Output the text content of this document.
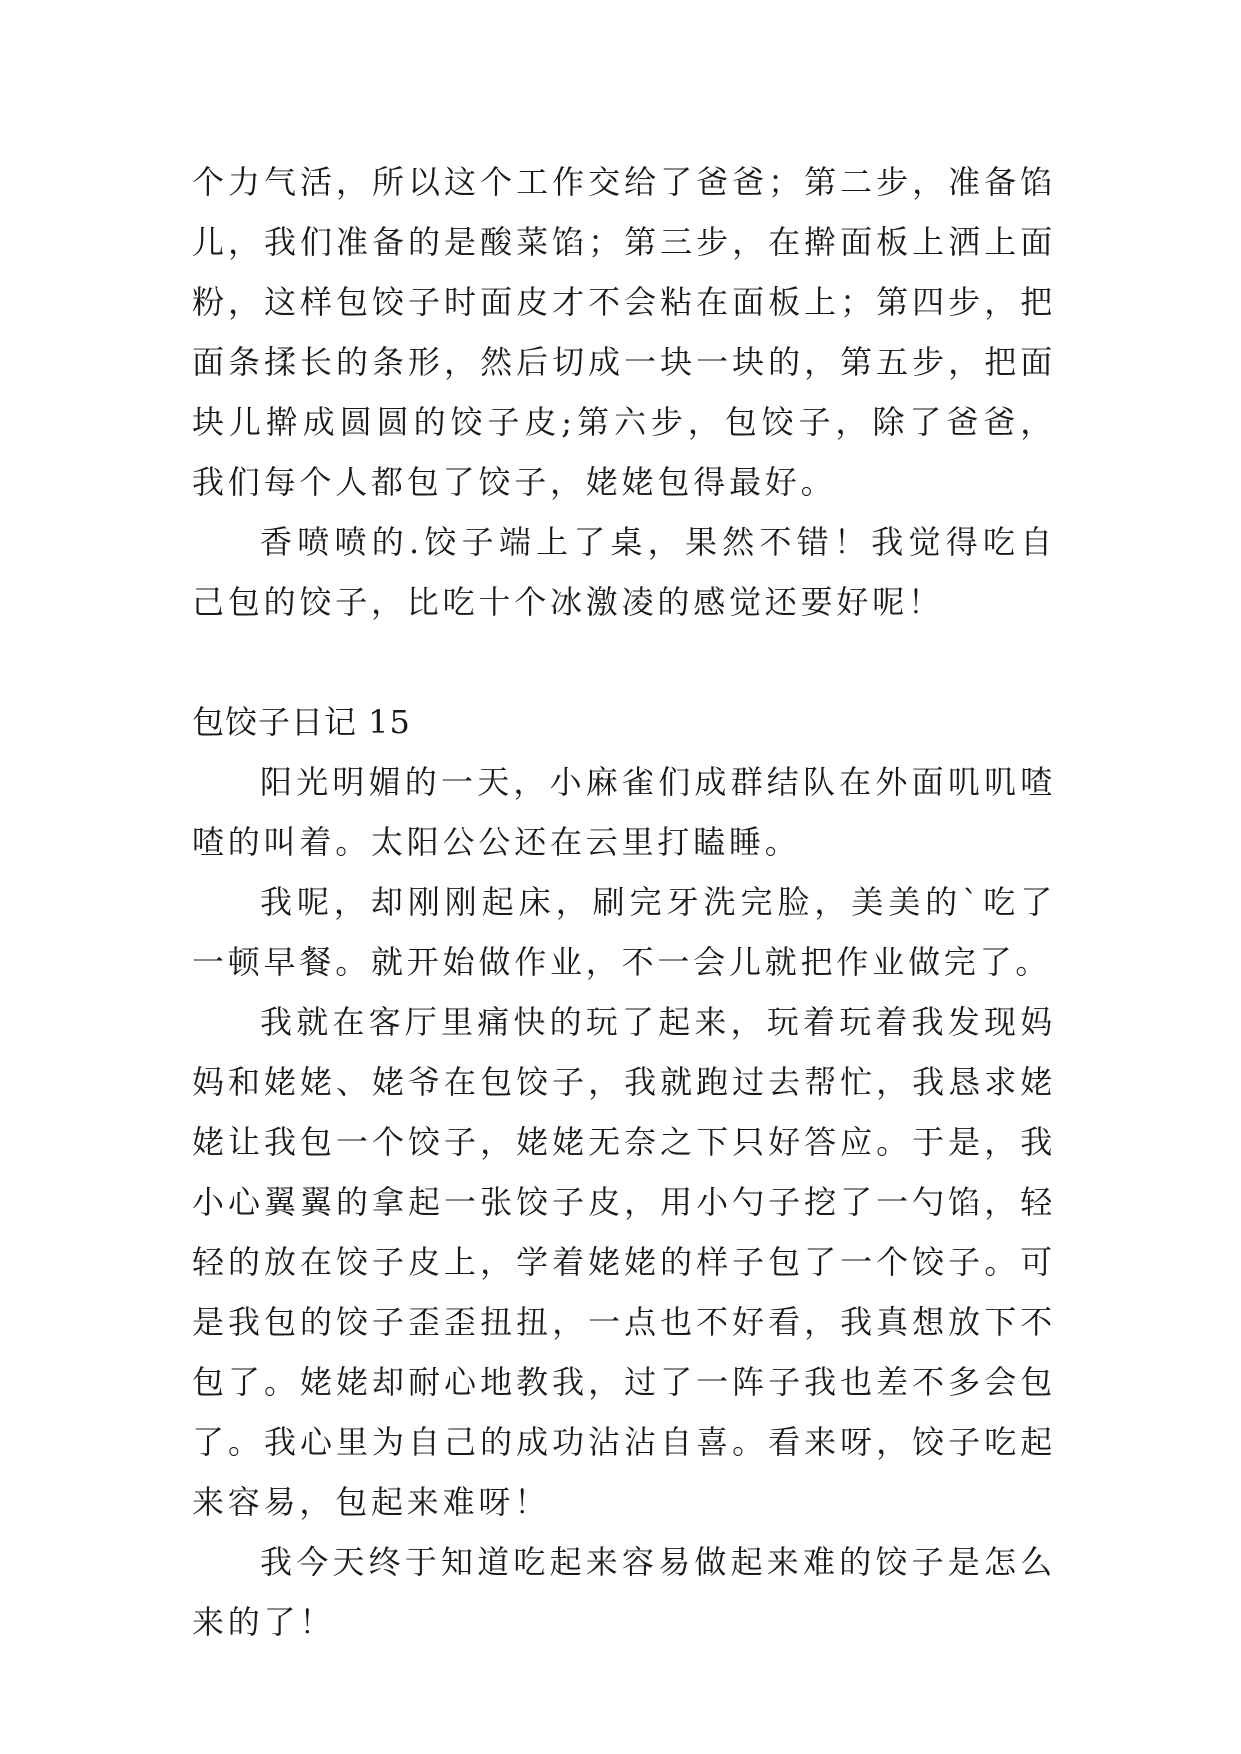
个力气活，所以这个工作交给了爸爸；第二步，准备馅儿，我们准备的是酸菜馅；第三步，在擀面板上洒上面粉，这样包饺子时面皮才不会粘在面板上；第四步，把面条揉长的条形，然后切成一块一块的，第五步，把面块儿擀成圆圆的饺子皮;第六步，包饺子，除了爸爸，我们每个人都包了饺子，姥姥包得最好。

香喷喷的.饺子端上了桌，果然不错！我觉得吃自己包的饺子，比吃十个冰激凌的感觉还要好呢！

包饺子日记 15

阳光明媚的一天，小麻雀们成群结队在外面叽叽喳喳的叫着。太阳公公还在云里打瞌睡。

我呢，却刚刚起床，刷完牙洗完脸，美美的`吃了一顿早餐。就开始做作业，不一会儿就把作业做完了。

我就在客厅里痛快的玩了起来，玩着玩着我发现妈妈和姥姥、姥爷在包饺子，我就跑过去帮忙，我恳求姥姥让我包一个饺子，姥姥无奈之下只好答应。于是，我小心翼翼的拿起一张饺子皮，用小勺子挖了一勺馅，轻轻的放在饺子皮上，学着姥姥的样子包了一个饺子。可是我包的饺子歪歪扭扭，一点也不好看，我真想放下不包了。姥姥却耐心地教我，过了一阵子我也差不多会包了。我心里为自己的成功沾沾自喜。看来呀，饺子吃起来容易，包起来难呀！

我今天终于知道吃起来容易做起来难的饺子是怎么来的了！
